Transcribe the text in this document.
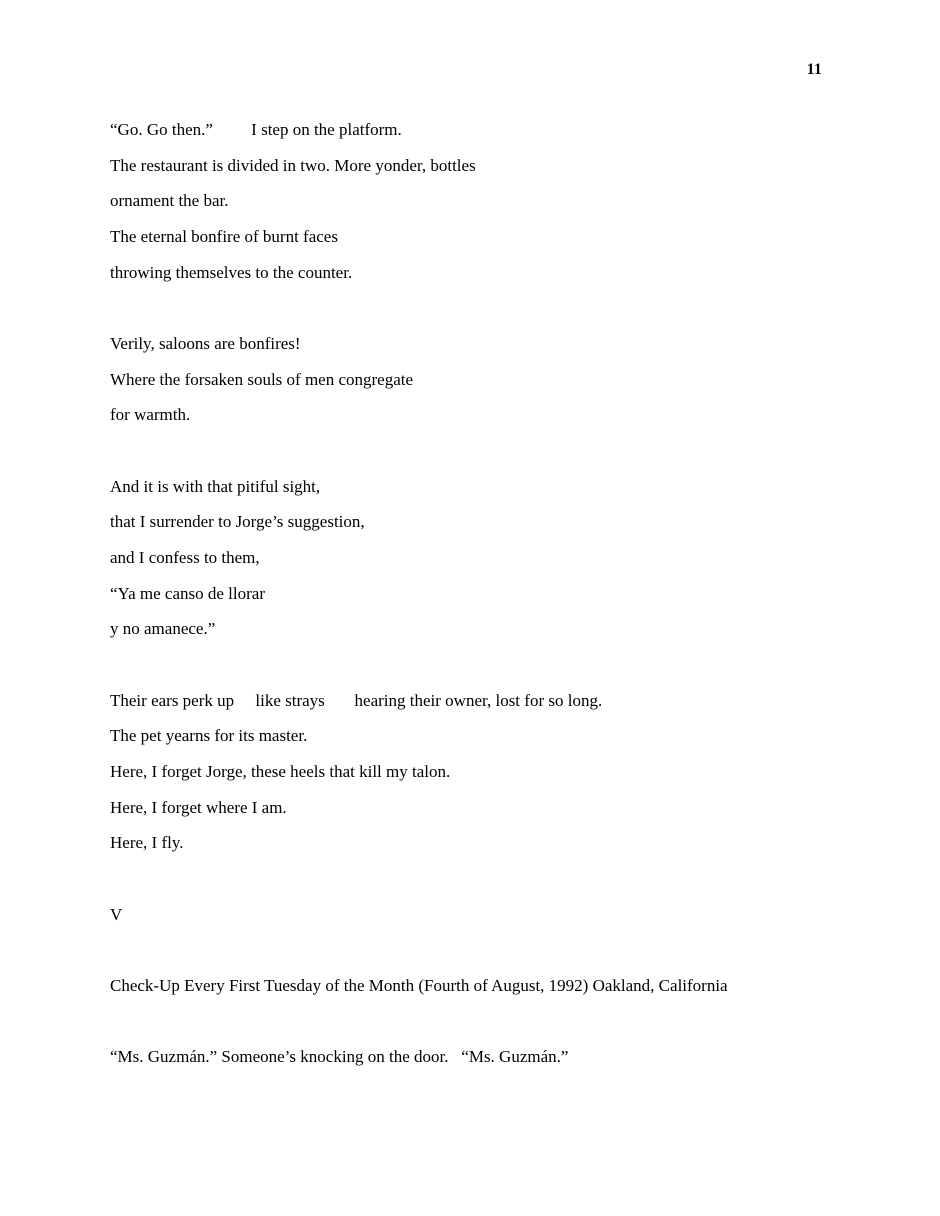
11
“Go. Go then.”   I step on the platform.
The restaurant is divided in two. More yonder, bottles
ornament the bar.
The eternal bonfire of burnt faces
throwing themselves to the counter.
Verily, saloons are bonfires!
Where the forsaken souls of men congregate
for warmth.
And it is with that pitiful sight,
that I surrender to Jorge’s suggestion,
and I confess to them,
“Ya me canso de llorar
y no amanece.”
Their ears perk up  like strays   hearing their owner, lost for so long.
The pet yearns for its master.
Here, I forget Jorge, these heels that kill my talon.
Here, I forget where I am.
Here, I fly.
V
Check-Up Every First Tuesday of the Month (Fourth of August, 1992) Oakland, California
“Ms. Guzmán.” Someone’s knocking on the door.  “Ms. Guzmán.”
